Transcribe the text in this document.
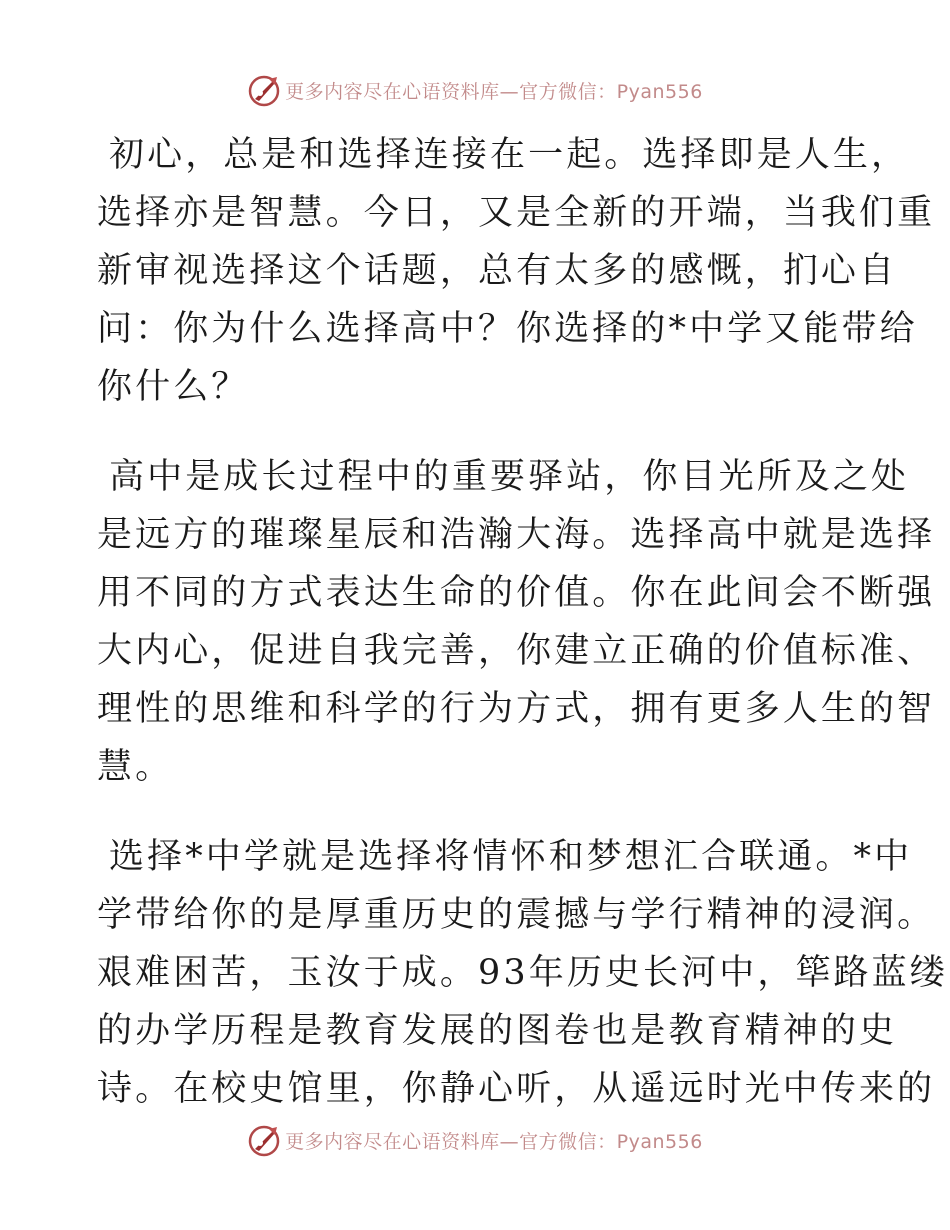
更多内容尽在心语资料库—官方微信：Pyan556
初心，总是和选择连接在一起。选择即是人生，
选择亦是智慧。今日，又是全新的开端，当我们重
新审视选择这个话题，总有太多的感慨，扪心自
问：你为什么选择高中？你选择的*中学又能带给
你什么？
高中是成长过程中的重要驿站，你目光所及之处
是远方的璀璨星辰和浩瀚大海。选择高中就是选择
用不同的方式表达生命的价值。你在此间会不断强
大内心，促进自我完善，你建立正确的价值标准、
理性的思维和科学的行为方式，拥有更多人生的智
慧。
选择*中学就是选择将情怀和梦想汇合联通。*中
学带给你的是厚重历史的震撼与学行精神的浸润。
艰难困苦，玉汝于成。93年历史长河中，筚路蓝缕
的办学历程是教育发展的图卷也是教育精神的史
诗。在校史馆里，你静心听，从遥远时光中传来的
更多内容尽在心语资料库—官方微信：Pyan556
